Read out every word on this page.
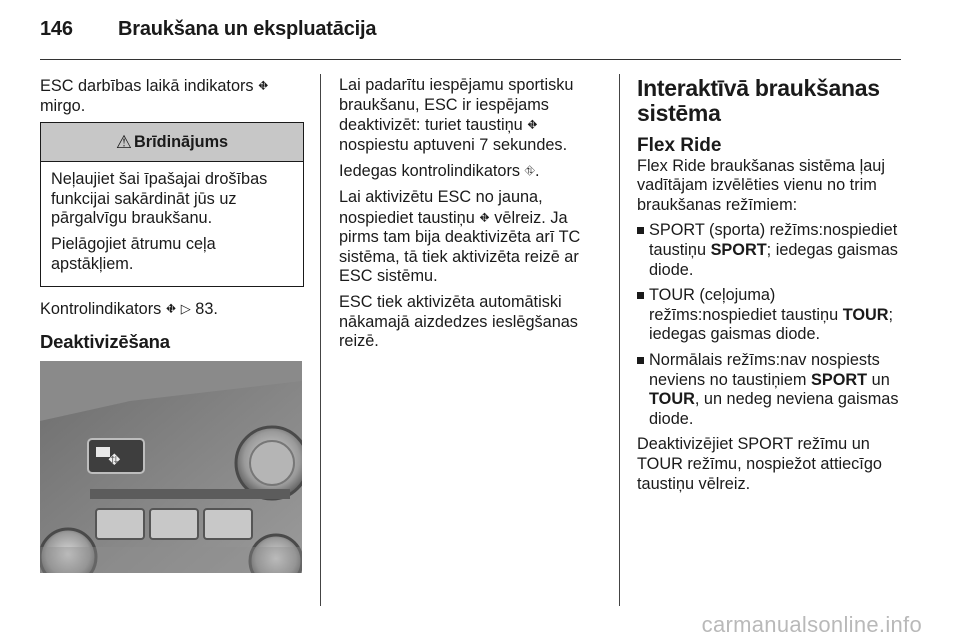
146 Braukšana un ekspluatācija

ESC darbības laikā indikators ⛖
mirgo.

⚠ Brīdinājums

Neļaujiet šai īpašajai drošības funkcijai sakārdināt jūs uz pārgalvīgu braukšanu.

Pielāgojiet ātrumu ceļa apstākļiem.

Kontrolindikators ⛖ ▷ 83.

Deaktivizēšana
⛖

Lai padarītu iespējamu sportisku braukšanu, ESC ir iespējams deaktivizēt: turiet taustiņu ⛖ nospiestu aptuveni 7 sekundes.

Iedegas kontrolindikators ⛗.

Lai aktivizētu ESC no jauna, nospiediet taustiņu ⛖ vēlreiz. Ja pirms tam bija deaktivizēta arī TC sistēma, tā tiek aktivizēta reizē ar ESC sistēmu.

ESC tiek aktivizēta automātiski nākamajā aizdedzes ieslēgšanas reizē.

Interaktīvā braukšanas sistēma
Flex Ride

Flex Ride braukšanas sistēma ļauj vadītājam izvēlēties vienu no trim braukšanas režīmiem:

SPORT (sporta) režīms:nospiediet taustiņu SPORT; iedegas gaismas diode.
TOUR (ceļojuma) režīms:nospiediet taustiņu TOUR; iedegas gaismas diode.
Normālais režīms:nav nospiests neviens no taustiņiem SPORT un TOUR, un nedeg neviena gaismas diode.

Deaktivizējiet SPORT režīmu un TOUR režīmu, nospiežot attiecīgo taustiņu vēlreiz.

carmanualsonline.info
